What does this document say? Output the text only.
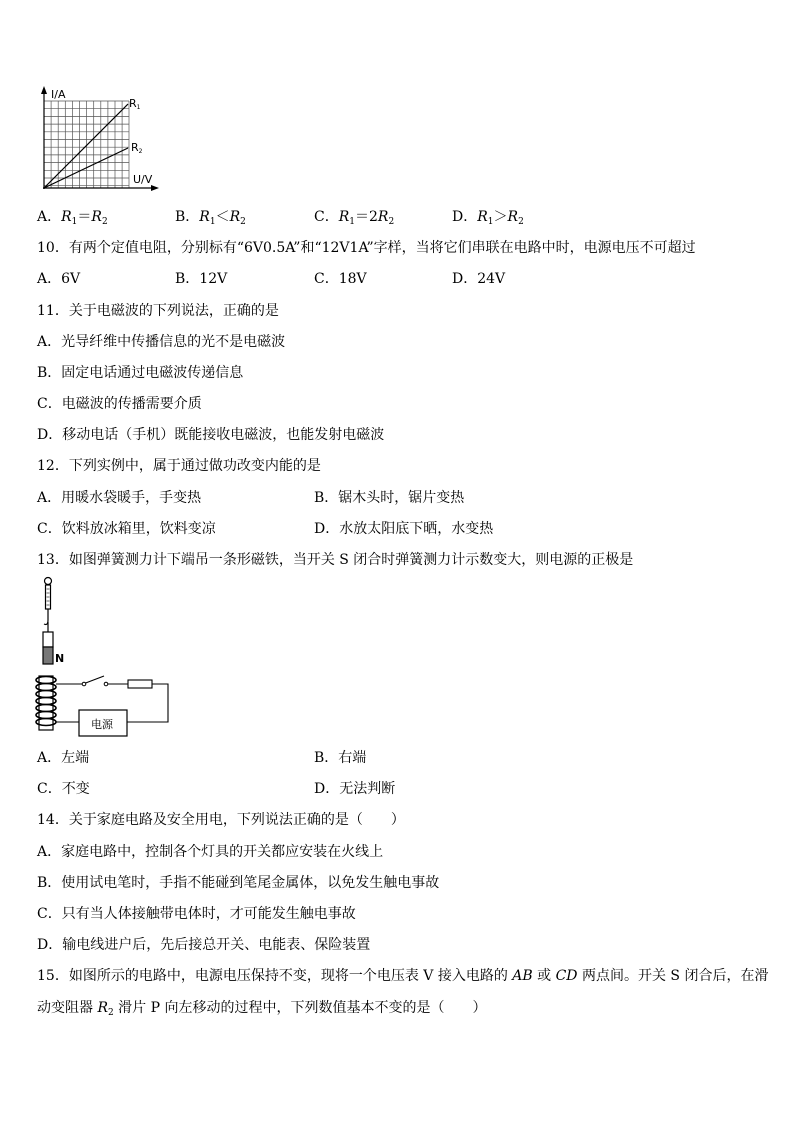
I/A
U/V
R1
R2
A．$R_1=R_2$	B．$R_1<R_2$	C．$R_1=2R_2$	D．$R_1>R_2$
10．有两个定值电阻，分别标有“6V0.5A”和“12V1A”字样，当将它们串联在电路中时，电源电压不可超过
A．6V	B．12V	C．18V	D．24V
11．关于电磁波的下列说法，正确的是
A．光导纤维中传播信息的光不是电磁波
B．固定电话通过电磁波传递信息
C．电磁波的传播需要介质
D．移动电话（手机）既能接收电磁波，也能发射电磁波
12．下列实例中，属于通过做功改变内能的是
A．用暖水袋暖手，手变热	B．锯木头时，锯片变热
C．饮料放冰箱里，饮料变凉	D．水放太阳底下晒，水变热
13．如图弹簧测力计下端吊一条形磁铁，当开关 S 闭合时弹簧测力计示数变大，则电源的正极是
N
电源
A．左端	B．右端
C．不变	D．无法判断
14．关于家庭电路及安全用电，下列说法正确的是（　　）
A．家庭电路中，控制各个灯具的开关都应安装在火线上
B．使用试电笔时，手指不能碰到笔尾金属体，以免发生触电事故
C．只有当人体接触带电体时，才可能发生触电事故
D．输电线进户后，先后接总开关、电能表、保险装置
15．如图所示的电路中，电源电压保持不变，现将一个电压表 V 接入电路的 AB 或 CD 两点间。开关 S 闭合后，在滑
动变阻器 $R_2$ 滑片 P 向左移动的过程中，下列数值基本不变的是（　　）
